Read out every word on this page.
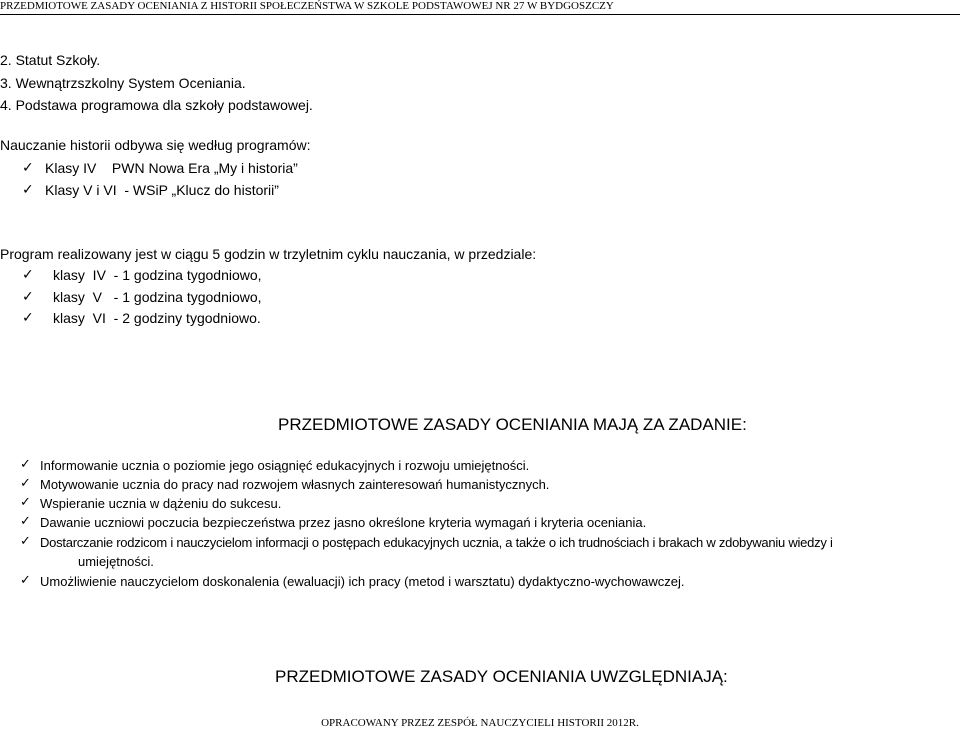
PRZEDMIOTOWE ZASADY OCENIANIA Z HISTORII SPOŁECZEŃSTWA W SZKOLE PODSTAWOWEJ NR 27 W BYDGOSZCZY
2. Statut Szkoły.
3. Wewnątrzszkolny System Oceniania.
4. Podstawa programowa dla szkoły podstawowej.
Nauczanie historii odbywa się według programów:
✓ Klasy IV    PWN Nowa Era „My i historia”
✓ Klasy V i VI  - WSiP „Klucz do historii”
Program realizowany jest w ciągu 5 godzin w trzyletnim cyklu nauczania, w przedziale:
✓ klasy  IV  - 1 godzina tygodniowo,
✓ klasy  V   - 1 godzina tygodniowo,
✓ klasy  VI  - 2 godziny tygodniowo.
PRZEDMIOTOWE ZASADY OCENIANIA MAJĄ ZA ZADANIE:
✓ Informowanie ucznia o poziomie jego osiągnięć edukacyjnych i rozwoju umiejętności.
✓ Motywowanie ucznia do pracy nad rozwojem własnych zainteresowań humanistycznych.
✓ Wspieranie ucznia w dążeniu do sukcesu.
✓ Dawanie uczniowi poczucia bezpieczeństwa przez jasno określone kryteria wymagań i kryteria oceniania.
✓ Dostarczanie rodzicom i nauczycielom informacji o postępach edukacyjnych ucznia, a także o ich trudnościach i brakach w zdobywaniu wiedzy i
umiejętności.
✓ Umożliwienie nauczycielom doskonalenia (ewaluacji) ich pracy (metod i warsztatu) dydaktyczno-wychowawczej.
PRZEDMIOTOWE ZASADY OCENIANIA UWZGLĘDNIAJĄ:
OPRACOWANY PRZEZ ZESPÓŁ NAUCZYCIELI HISTORII 2012R.
